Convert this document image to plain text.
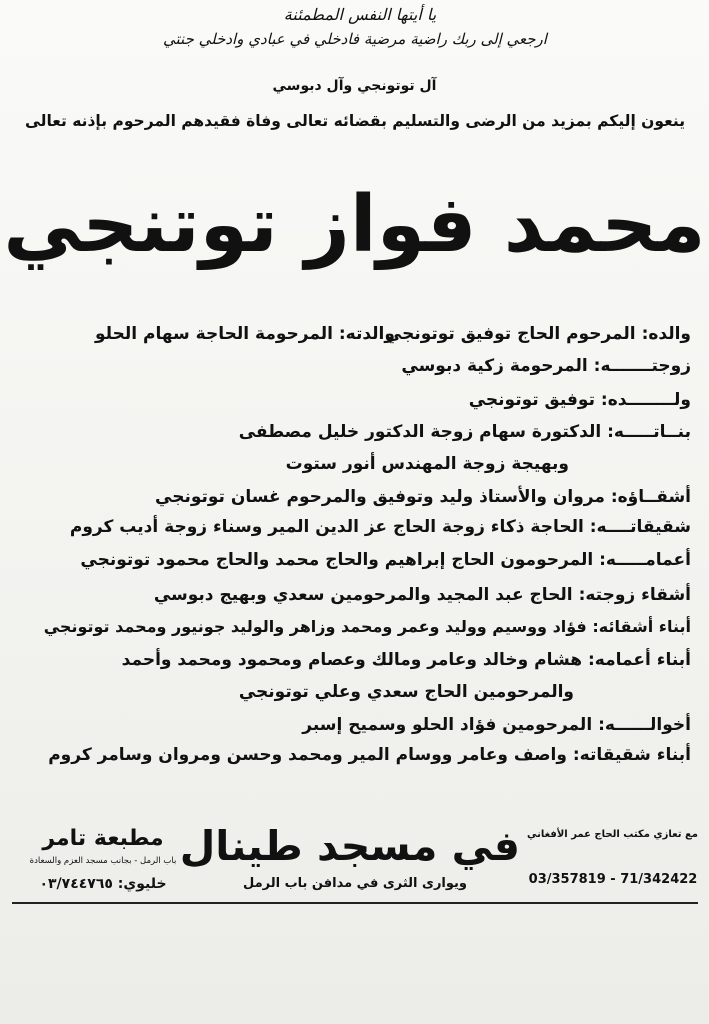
يا أيتها النفس المطمئنة
ارجعي إلى ربك راضية مرضية فادخلي في عبادي وادخلي جنتي
آل توتونجي وآل دبوسي
ينعون إليكم بمزيد من الرضى والتسليم بقضائه تعالى وفاة فقيدهم المرحوم بإذنه تعالى
محمد فواز توتنجي
والدته: المرحومة الحاجة سهام الحلو	والده: المرحوم الحاج توفيق توتونجي
زوجتـــــــه: المرحومة زكية دبوسي
ولــــــــده: توفيق توتونجي
بنــاتـــــه: الدكتورة سهام زوجة الدكتور خليل مصطفى
وبهيجة زوجة المهندس أنور ستوت
أشقــاؤه: مروان والأستاذ وليد وتوفيق والمرحوم غسان توتونجي
شقيقاتــــه: الحاجة ذكاء زوجة الحاج عز الدين المير وسناء زوجة أديب كروم
أعمامـــــه: المرحومون الحاج إبراهيم والحاج محمد والحاج محمود توتونجي
أشقاء زوجته: الحاج عبد المجيد والمرحومين سعدي وبهيج دبوسي
أبناء أشقائه: فؤاد ووسيم ووليد وعمر ومحمد وزاهر والوليد جونيور ومحمد توتونجي
أبناء أعمامه: هشام وخالد وعامر ومالك وعصام ومحمود ومحمد وأحمد
والمرحومين الحاج سعدي وعلي توتونجي
أخوالــــــه: المرحومين فؤاد الحلو وسميح إسبر
أبناء شقيقاته: واصف وعامر ووسام المير ومحمد وحسن ومروان وسامر كروم
مع تعازي مكتب الحاج عمر الأفغاني
03/357819 - 71/342422
في مسجد طينال
ويوارى الثرى في مدافن باب الرمل
مطبعة تامر
باب الرمل - بجانب مسجد العزم والسعادة
خليوي: ٠٣/٧٤٤٧٦٥
